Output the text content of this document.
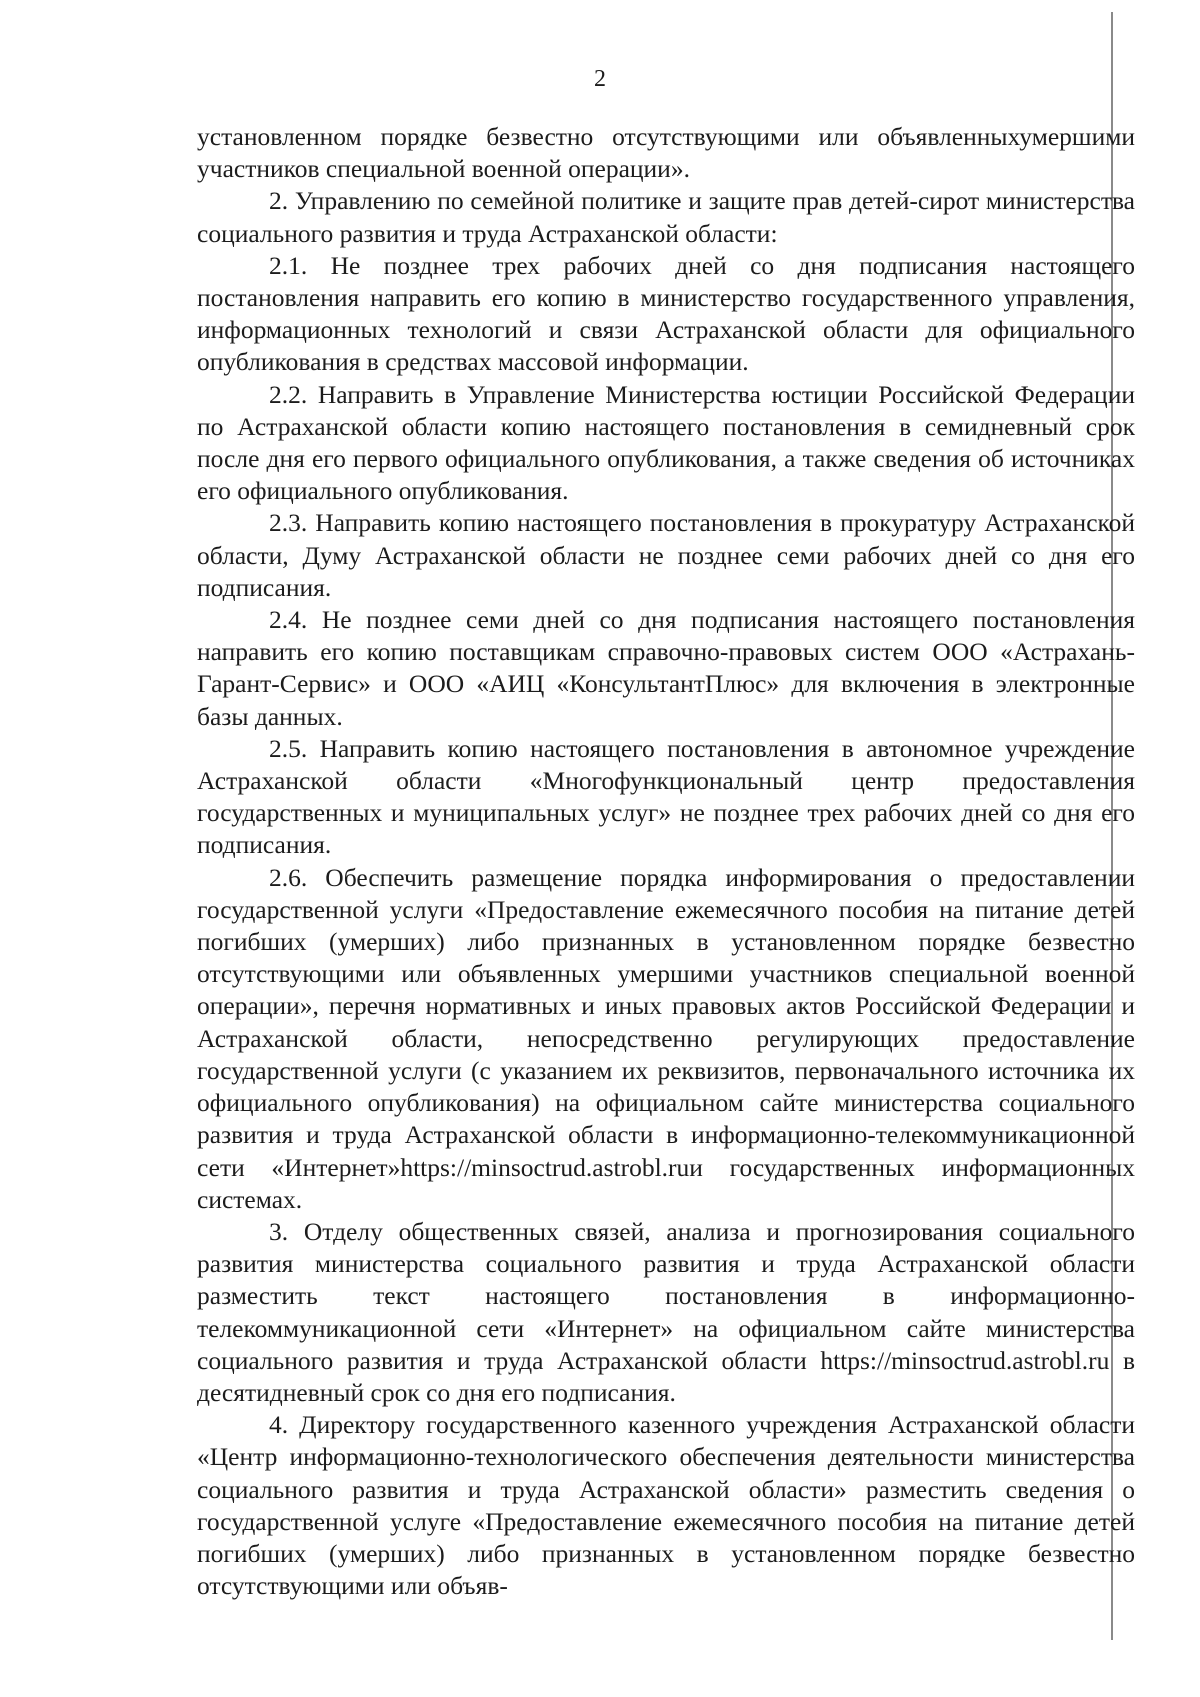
2

установленном порядке безвестно отсутствующими или объявленныхумершими участников специальной военной операции».

2. Управлению по семейной политике и защите прав детей-сирот министерства социального развития и труда Астраханской области:

2.1. Не позднее трех рабочих дней со дня подписания настоящего постановления направить его копию в министерство государственного управления, информационных технологий и связи Астраханской области для официального опубликования в средствах массовой информации.

2.2. Направить в Управление Министерства юстиции Российской Федерации по Астраханской области копию настоящего постановления в семидневный срок после дня его первого официального опубликования, а также сведения об источниках его официального опубликования.

2.3. Направить копию настоящего постановления в прокуратуру Астраханской области, Думу Астраханской области не позднее семи рабочих дней со дня его подписания.

2.4. Не позднее семи дней со дня подписания настоящего постановления направить его копию поставщикам справочно-правовых систем ООО «Астрахань-Гарант-Сервис» и ООО «АИЦ «КонсультантПлюс» для включения в электронные базы данных.

2.5. Направить копию настоящего постановления в автономное учреждение Астраханской области «Многофункциональный центр предоставления государственных и муниципальных услуг» не позднее трех рабочих дней со дня его подписания.

2.6. Обеспечить размещение порядка информирования о предоставлении государственной услуги «Предоставление ежемесячного пособия на питание детей погибших (умерших) либо признанных в установленном порядке безвестно отсутствующими или объявленных умершими участников специальной военной операции», перечня нормативных и иных правовых актов Российской Федерации и Астраханской области, непосредственно регулирующих предоставление государственной услуги (с указанием их реквизитов, первоначального источника их официального опубликования) на официальном сайте министерства социального развития и труда Астраханской области в информационно-телекоммуникационной сети «Интернет»https://minsoctrud.astrobl.ruи государственных информационных системах.

3. Отделу общественных связей, анализа и прогнозирования социального развития министерства социального развития и труда Астраханской области разместить текст настоящего постановления в информационно-телекоммуникационной сети «Интернет» на официальном сайте министерства социального развития и труда Астраханской области https://minsoctrud.astrobl.ru в десятидневный срок со дня его подписания.

4. Директору государственного казенного учреждения Астраханской области «Центр информационно-технологического обеспечения деятельности министерства социального развития и труда Астраханской области» разместить сведения о государственной услуге «Предоставление ежемесячного пособия на питание детей погибших (умерших) либо признанных в установленном порядке безвестно отсутствующими или объяв-
